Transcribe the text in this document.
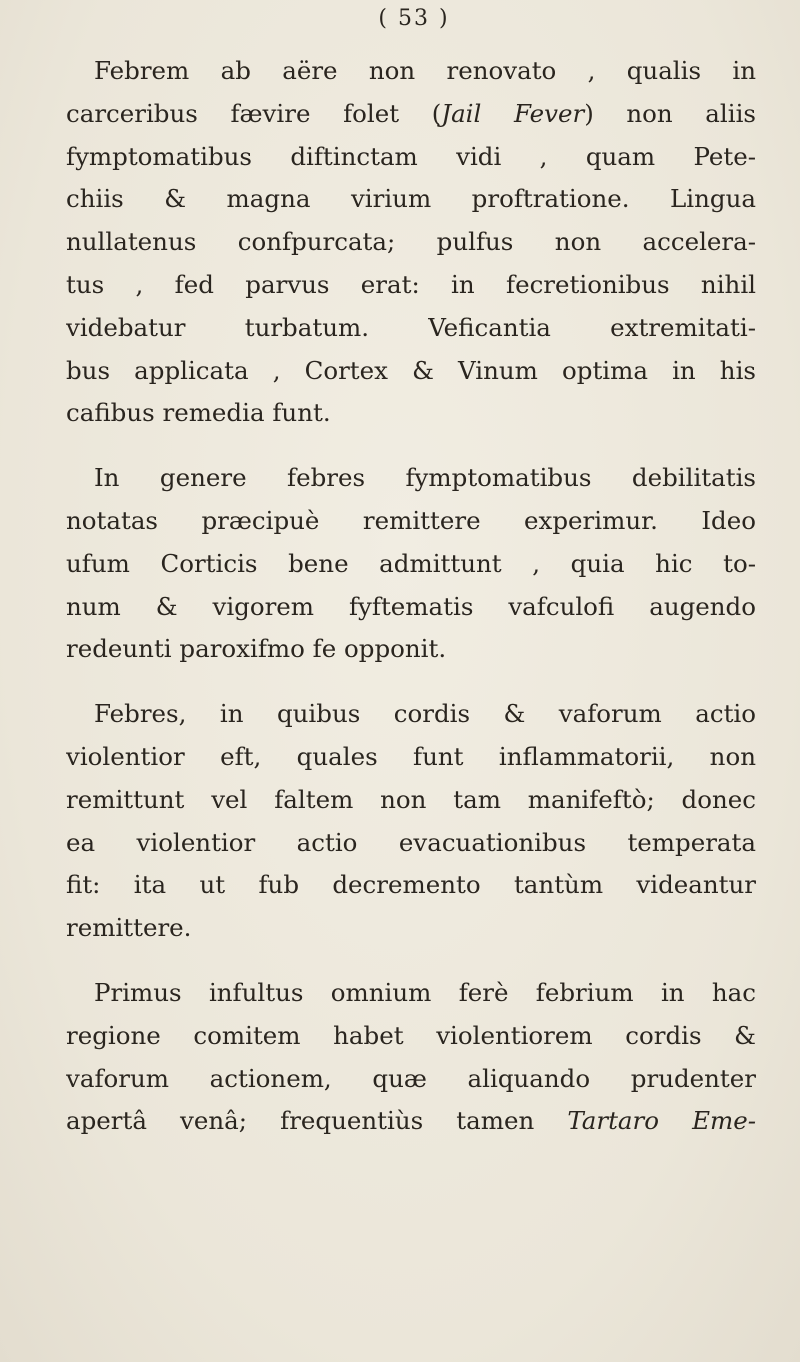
( 53 )
Febrem ab aëre non renovato , qualis in
carceribus fævire folet (Jail Fever) non aliis
fymptomatibus diftinctam vidi , quam Pete-
chiis & magna virium proftratione. Lingua
nullatenus confpurcata; pulfus non accelera-
tus , fed parvus erat: in fecretionibus nihil
videbatur turbatum. Veficantia extremitati-
bus applicata , Cortex & Vinum optima in his
cafibus remedia funt.
In genere febres fymptomatibus debilitatis
notatas præcipuè remittere experimur. Ideo
ufum Corticis bene admittunt , quia hic to-
num & vigorem fyftematis vafculofi augendo
redeunti paroxifmo fe opponit.
Febres, in quibus cordis & vaforum actio
violentior eft, quales funt inflammatorii, non
remittunt vel faltem non tam manifeftò; donec
ea violentior actio evacuationibus temperata
fit: ita ut fub decremento tantùm videantur
remittere.
Primus infultus omnium ferè febrium in hac
regione comitem habet violentiorem cordis &
vaforum actionem, quæ aliquando prudenter
apertâ venâ; frequentiùs tamen Tartaro Eme-
